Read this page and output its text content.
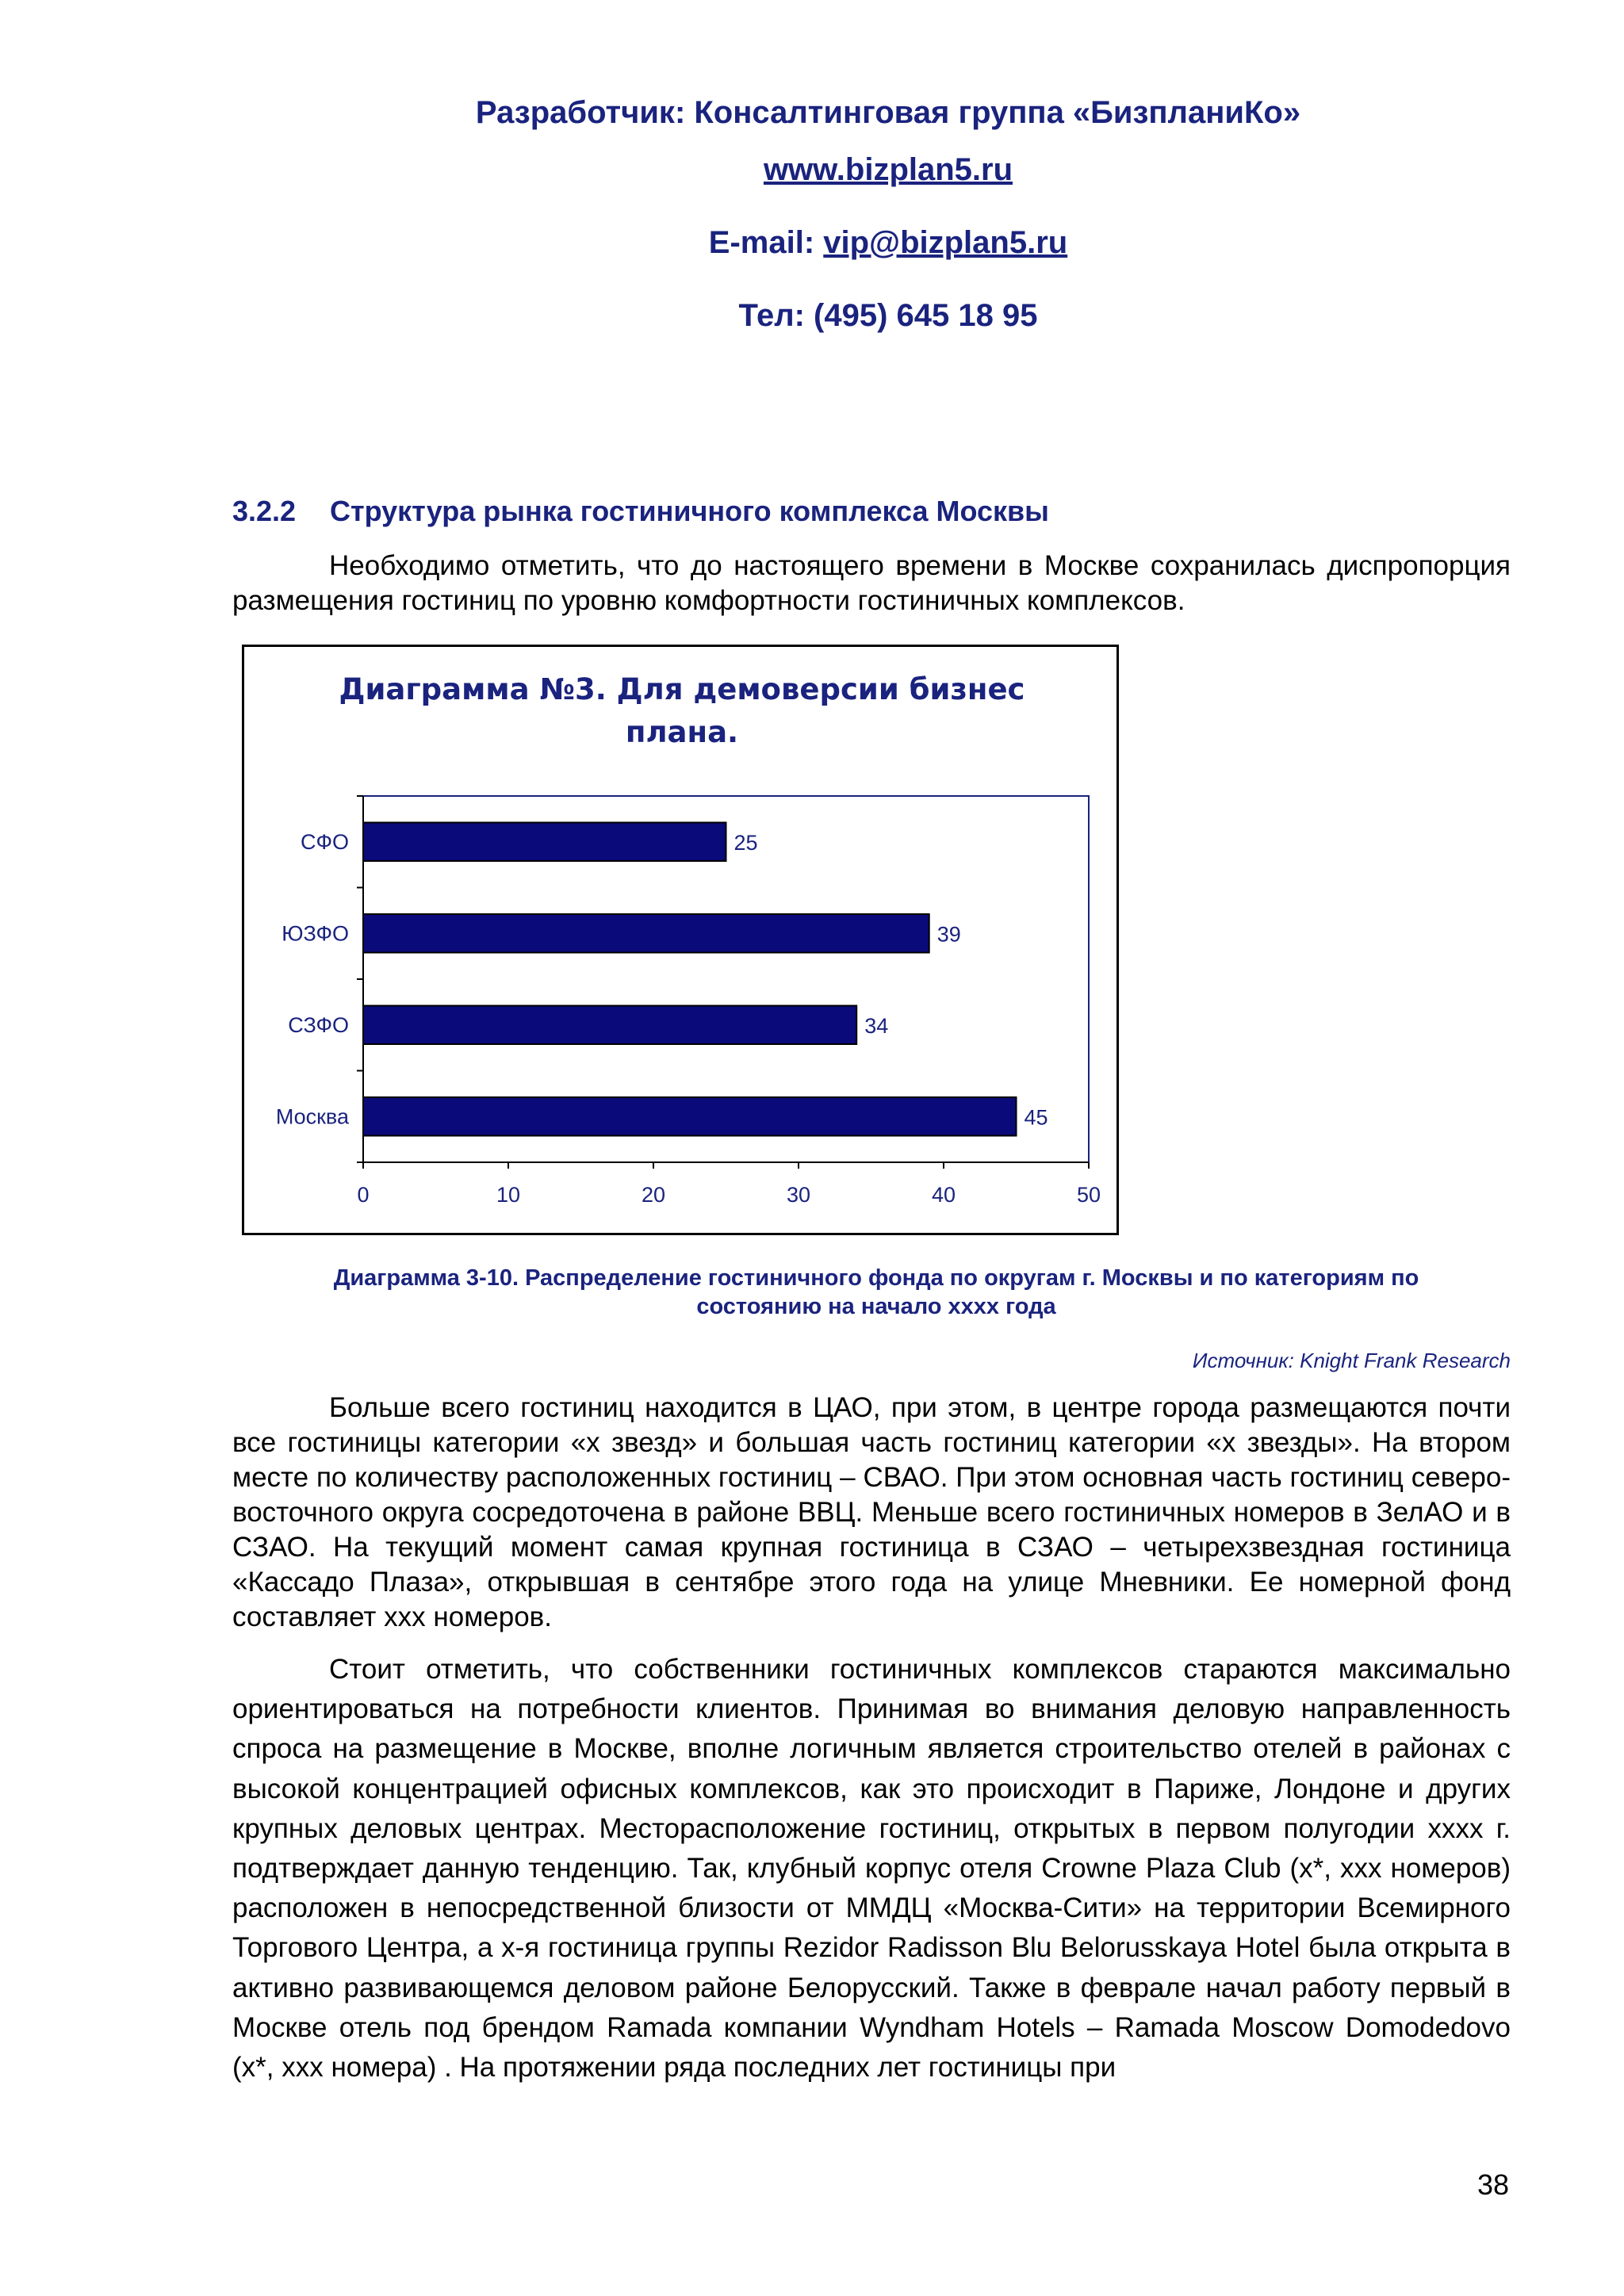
Разработчик: Консалтинговая группа «БизпланиКо»
www.bizplan5.ru
E-mail: vip@bizplan5.ru
Тел: (495) 645 18 95
3.2.2 Структура рынка гостиничного комплекса Москвы
Необходимо отметить, что до настоящего времени в Москве сохранилась диспропорция размещения гостиниц по уровню комфортности гостиничных комплексов.
Диаграмма №3. Для демоверсии бизнес
плана.
0	10	20	30	40	50
СФО	25
ЮЗФО	39
СЗФО	34
Москва	45
Диаграмма 3-10. Распределение гостиничного фонда по округам г. Москвы и по категориям по состоянию на начало хххх года
Источник: Knight Frank Research
Больше всего гостиниц находится в ЦАО, при этом, в центре города размещаются почти все гостиницы категории «х звезд» и большая часть гостиниц категории «х звезды». На втором месте по количеству расположенных гостиниц – СВАО. При этом основная часть гостиниц северо-восточного округа сосредоточена в районе ВВЦ. Меньше всего гостиничных номеров в ЗелАО и в СЗАО. На текущий момент самая крупная гостиница в СЗАО – четырехзвездная гостиница «Кассадо Плаза», открывшая в сентябре этого года на улице Мневники. Ее номерной фонд составляет ххх номеров.
Стоит отметить, что собственники гостиничных комплексов стараются максимально ориентироваться на потребности клиентов. Принимая во внимания деловую направленность спроса на размещение в Москве, вполне логичным является строительство отелей в районах с высокой концентрацией офисных комплексов, как это происходит в Париже, Лондоне и других крупных деловых центрах. Месторасположение гостиниц, открытых в первом полугодии хххх г. подтверждает данную тенденцию. Так, клубный корпус отеля Crowne Plaza Club (х*, ххх номеров) расположен в непосредственной близости от ММДЦ «Москва-Сити» на территории Всемирного Торгового Центра, а х-я гостиница группы Rezidor Radisson Blu Belorusskaya Hotel была открыта в активно развивающемся деловом районе Белорусский. Также в феврале начал работу первый в Москве отель под брендом Ramada компании Wyndham Hotels – Ramada Moscow Domodedovo (х*, ххх номера) . На протяжении ряда последних лет гостиницы при
38
